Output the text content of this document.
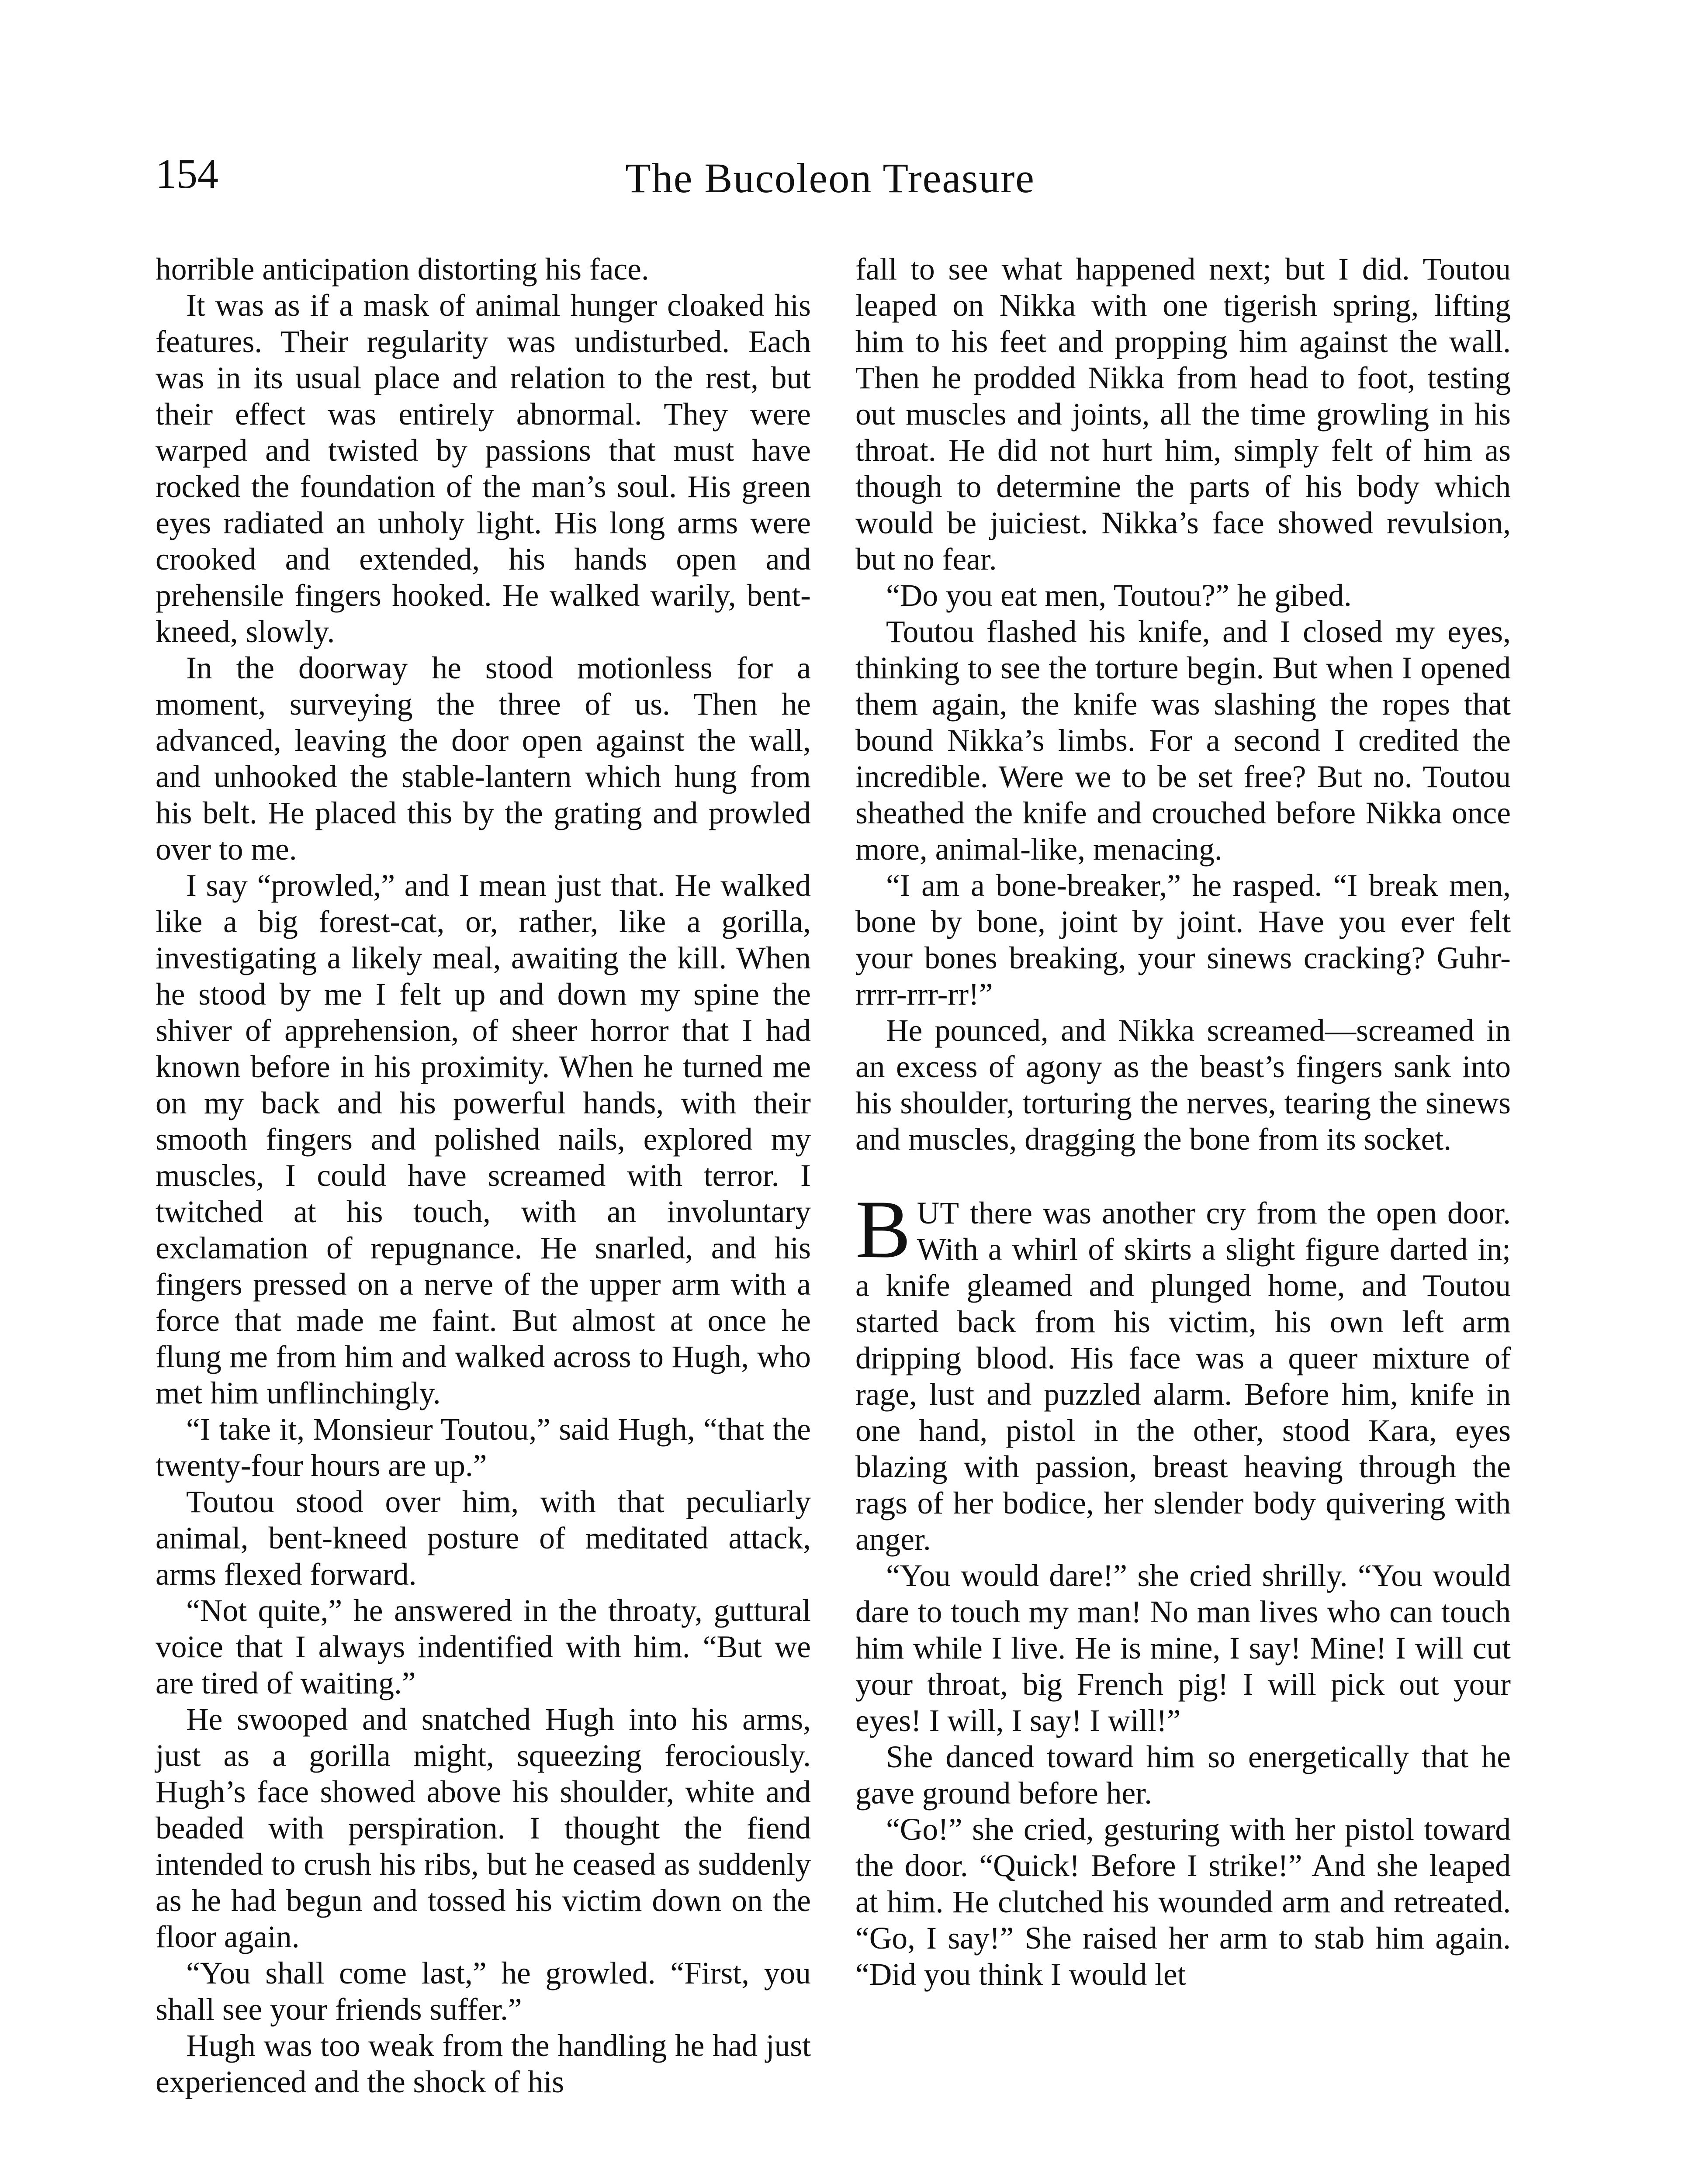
154	The Bucoleon Treasure

horrible anticipation distorting his face.

It was as if a mask of animal hunger cloaked his features. Their regularity was undisturbed. Each was in its usual place and relation to the rest, but their effect was entirely abnormal. They were warped and twisted by passions that must have rocked the foundation of the man’s soul. His green eyes radiated an unholy light. His long arms were crooked and extended, his hands open and prehensile fingers hooked. He walked warily, bent-kneed, slowly.

In the doorway he stood motionless for a moment, surveying the three of us. Then he advanced, leaving the door open against the wall, and unhooked the stable-lantern which hung from his belt. He placed this by the grating and prowled over to me.

I say “prowled,” and I mean just that. He walked like a big forest-cat, or, rather, like a gorilla, investigating a likely meal, awaiting the kill. When he stood by me I felt up and down my spine the shiver of apprehension, of sheer horror that I had known before in his proximity. When he turned me on my back and his powerful hands, with their smooth fingers and polished nails, explored my muscles, I could have screamed with terror. I twitched at his touch, with an involuntary exclamation of repugnance. He snarled, and his fingers pressed on a nerve of the upper arm with a force that made me faint. But almost at once he flung me from him and walked across to Hugh, who met him unflinchingly.

“I take it, Monsieur Toutou,” said Hugh, “that the twenty-four hours are up.”

Toutou stood over him, with that peculiarly animal, bent-kneed posture of meditated attack, arms flexed forward.

“Not quite,” he answered in the throaty, guttural voice that I always indentified with him. “But we are tired of waiting.”

He swooped and snatched Hugh into his arms, just as a gorilla might, squeezing ferociously. Hugh’s face showed above his shoulder, white and beaded with perspiration. I thought the fiend intended to crush his ribs, but he ceased as suddenly as he had begun and tossed his victim down on the floor again.

“You shall come last,” he growled. “First, you shall see your friends suffer.”

Hugh was too weak from the handling he had just experienced and the shock of his

fall to see what happened next; but I did. Toutou leaped on Nikka with one tigerish spring, lifting him to his feet and propping him against the wall. Then he prodded Nikka from head to foot, testing out muscles and joints, all the time growling in his throat. He did not hurt him, simply felt of him as though to determine the parts of his body which would be juiciest. Nikka’s face showed revulsion, but no fear.

“Do you eat men, Toutou?” he gibed.

Toutou flashed his knife, and I closed my eyes, thinking to see the torture begin. But when I opened them again, the knife was slashing the ropes that bound Nikka’s limbs. For a second I credited the incredible. Were we to be set free? But no. Toutou sheathed the knife and crouched before Nikka once more, animal-like, menacing.

“I am a bone-breaker,” he rasped. “I break men, bone by bone, joint by joint. Have you ever felt your bones breaking, your sinews cracking? Guhr-rrrr-rrr-rr!”

He pounced, and Nikka screamed—screamed in an excess of agony as the beast’s fingers sank into his shoulder, torturing the nerves, tearing the sinews and muscles, dragging the bone from its socket.

BUT there was another cry from the open door. With a whirl of skirts a slight figure darted in; a knife gleamed and plunged home, and Toutou started back from his victim, his own left arm dripping blood. His face was a queer mixture of rage, lust and puzzled alarm. Before him, knife in one hand, pistol in the other, stood Kara, eyes blazing with passion, breast heaving through the rags of her bodice, her slender body quivering with anger.

“You would dare!” she cried shrilly. “You would dare to touch my man! No man lives who can touch him while I live. He is mine, I say! Mine! I will cut your throat, big French pig! I will pick out your eyes! I will, I say! I will!”

She danced toward him so energetically that he gave ground before her.

“Go!” she cried, gesturing with her pistol toward the door. “Quick! Before I strike!” And she leaped at him. He clutched his wounded arm and retreated. “Go, I say!” She raised her arm to stab him again. “Did you think I would let
